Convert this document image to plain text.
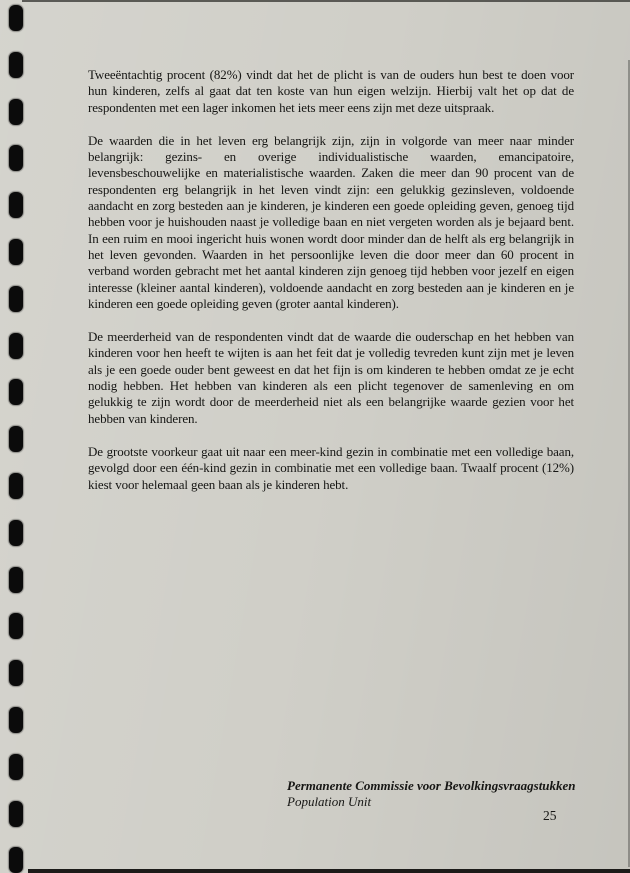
Tweeëntachtig procent (82%) vindt dat het de plicht is van de ouders hun best te doen voor hun kinderen, zelfs al gaat dat ten koste van hun eigen welzijn. Hierbij valt het op dat de respondenten met een lager inkomen het iets meer eens zijn met deze uitspraak.

De waarden die in het leven erg belangrijk zijn, zijn in volgorde van meer naar minder belangrijk: gezins- en overige individualistische waarden, emancipatoire, levensbeschouwelijke en materialistische waarden. Zaken die meer dan 90 procent van de respondenten erg belangrijk in het leven vindt zijn: een gelukkig gezinsleven, voldoende aandacht en zorg besteden aan je kinderen, je kinderen een goede opleiding geven, genoeg tijd hebben voor je huishouden naast je volledige baan en niet vergeten worden als je bejaard bent. In een ruim en mooi ingericht huis wonen wordt door minder dan de helft als erg belangrijk in het leven gevonden. Waarden in het persoonlijke leven die door meer dan 60 procent in verband worden gebracht met het aantal kinderen zijn genoeg tijd hebben voor jezelf en eigen interesse (kleiner aantal kinderen), voldoende aandacht en zorg besteden aan je kinderen en je kinderen een goede opleiding geven (groter aantal kinderen).

De meerderheid van de respondenten vindt dat de waarde die ouderschap en het hebben van kinderen voor hen heeft te wijten is aan het feit dat je volledig tevreden kunt zijn met je leven als je een goede ouder bent geweest en dat het fijn is om kinderen te hebben omdat ze je echt nodig hebben. Het hebben van kinderen als een plicht tegenover de samenleving en om gelukkig te zijn wordt door de meerderheid niet als een belangrijke waarde gezien voor het hebben van kinderen.

De grootste voorkeur gaat uit naar een meer-kind gezin in combinatie met een volledige baan, gevolgd door een één-kind gezin in combinatie met een volledige baan. Twaalf procent (12%) kiest voor helemaal geen baan als je kinderen hebt.

Permanente Commissie voor Bevolkingsvraagstukken
Population Unit
25
